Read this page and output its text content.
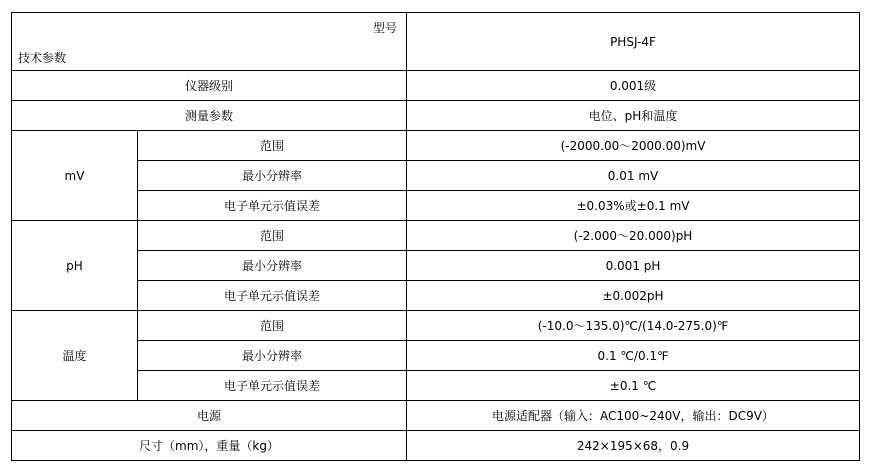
型号
技术参数		PHSJ-4F
仪器级别		0.001级
测量参数		电位、pH和温度
mV	范围	(-2000.00～2000.00)mV
	最小分辨率	0.01 mV
	电子单元示值误差	±0.03%或±0.1 mV
pH	范围	(-2.000～20.000)pH
	最小分辨率	0.001 pH
	电子单元示值误差	±0.002pH
温度	范围	(-10.0～135.0)℃/(14.0-275.0)℉
	最小分辨率	0.1 ℃/0.1℉
	电子单元示值误差	±0.1 ℃
电源		电源适配器（输入：AC100~240V，输出：DC9V）
尺寸（mm），重量（kg）		242×195×68，0.9
